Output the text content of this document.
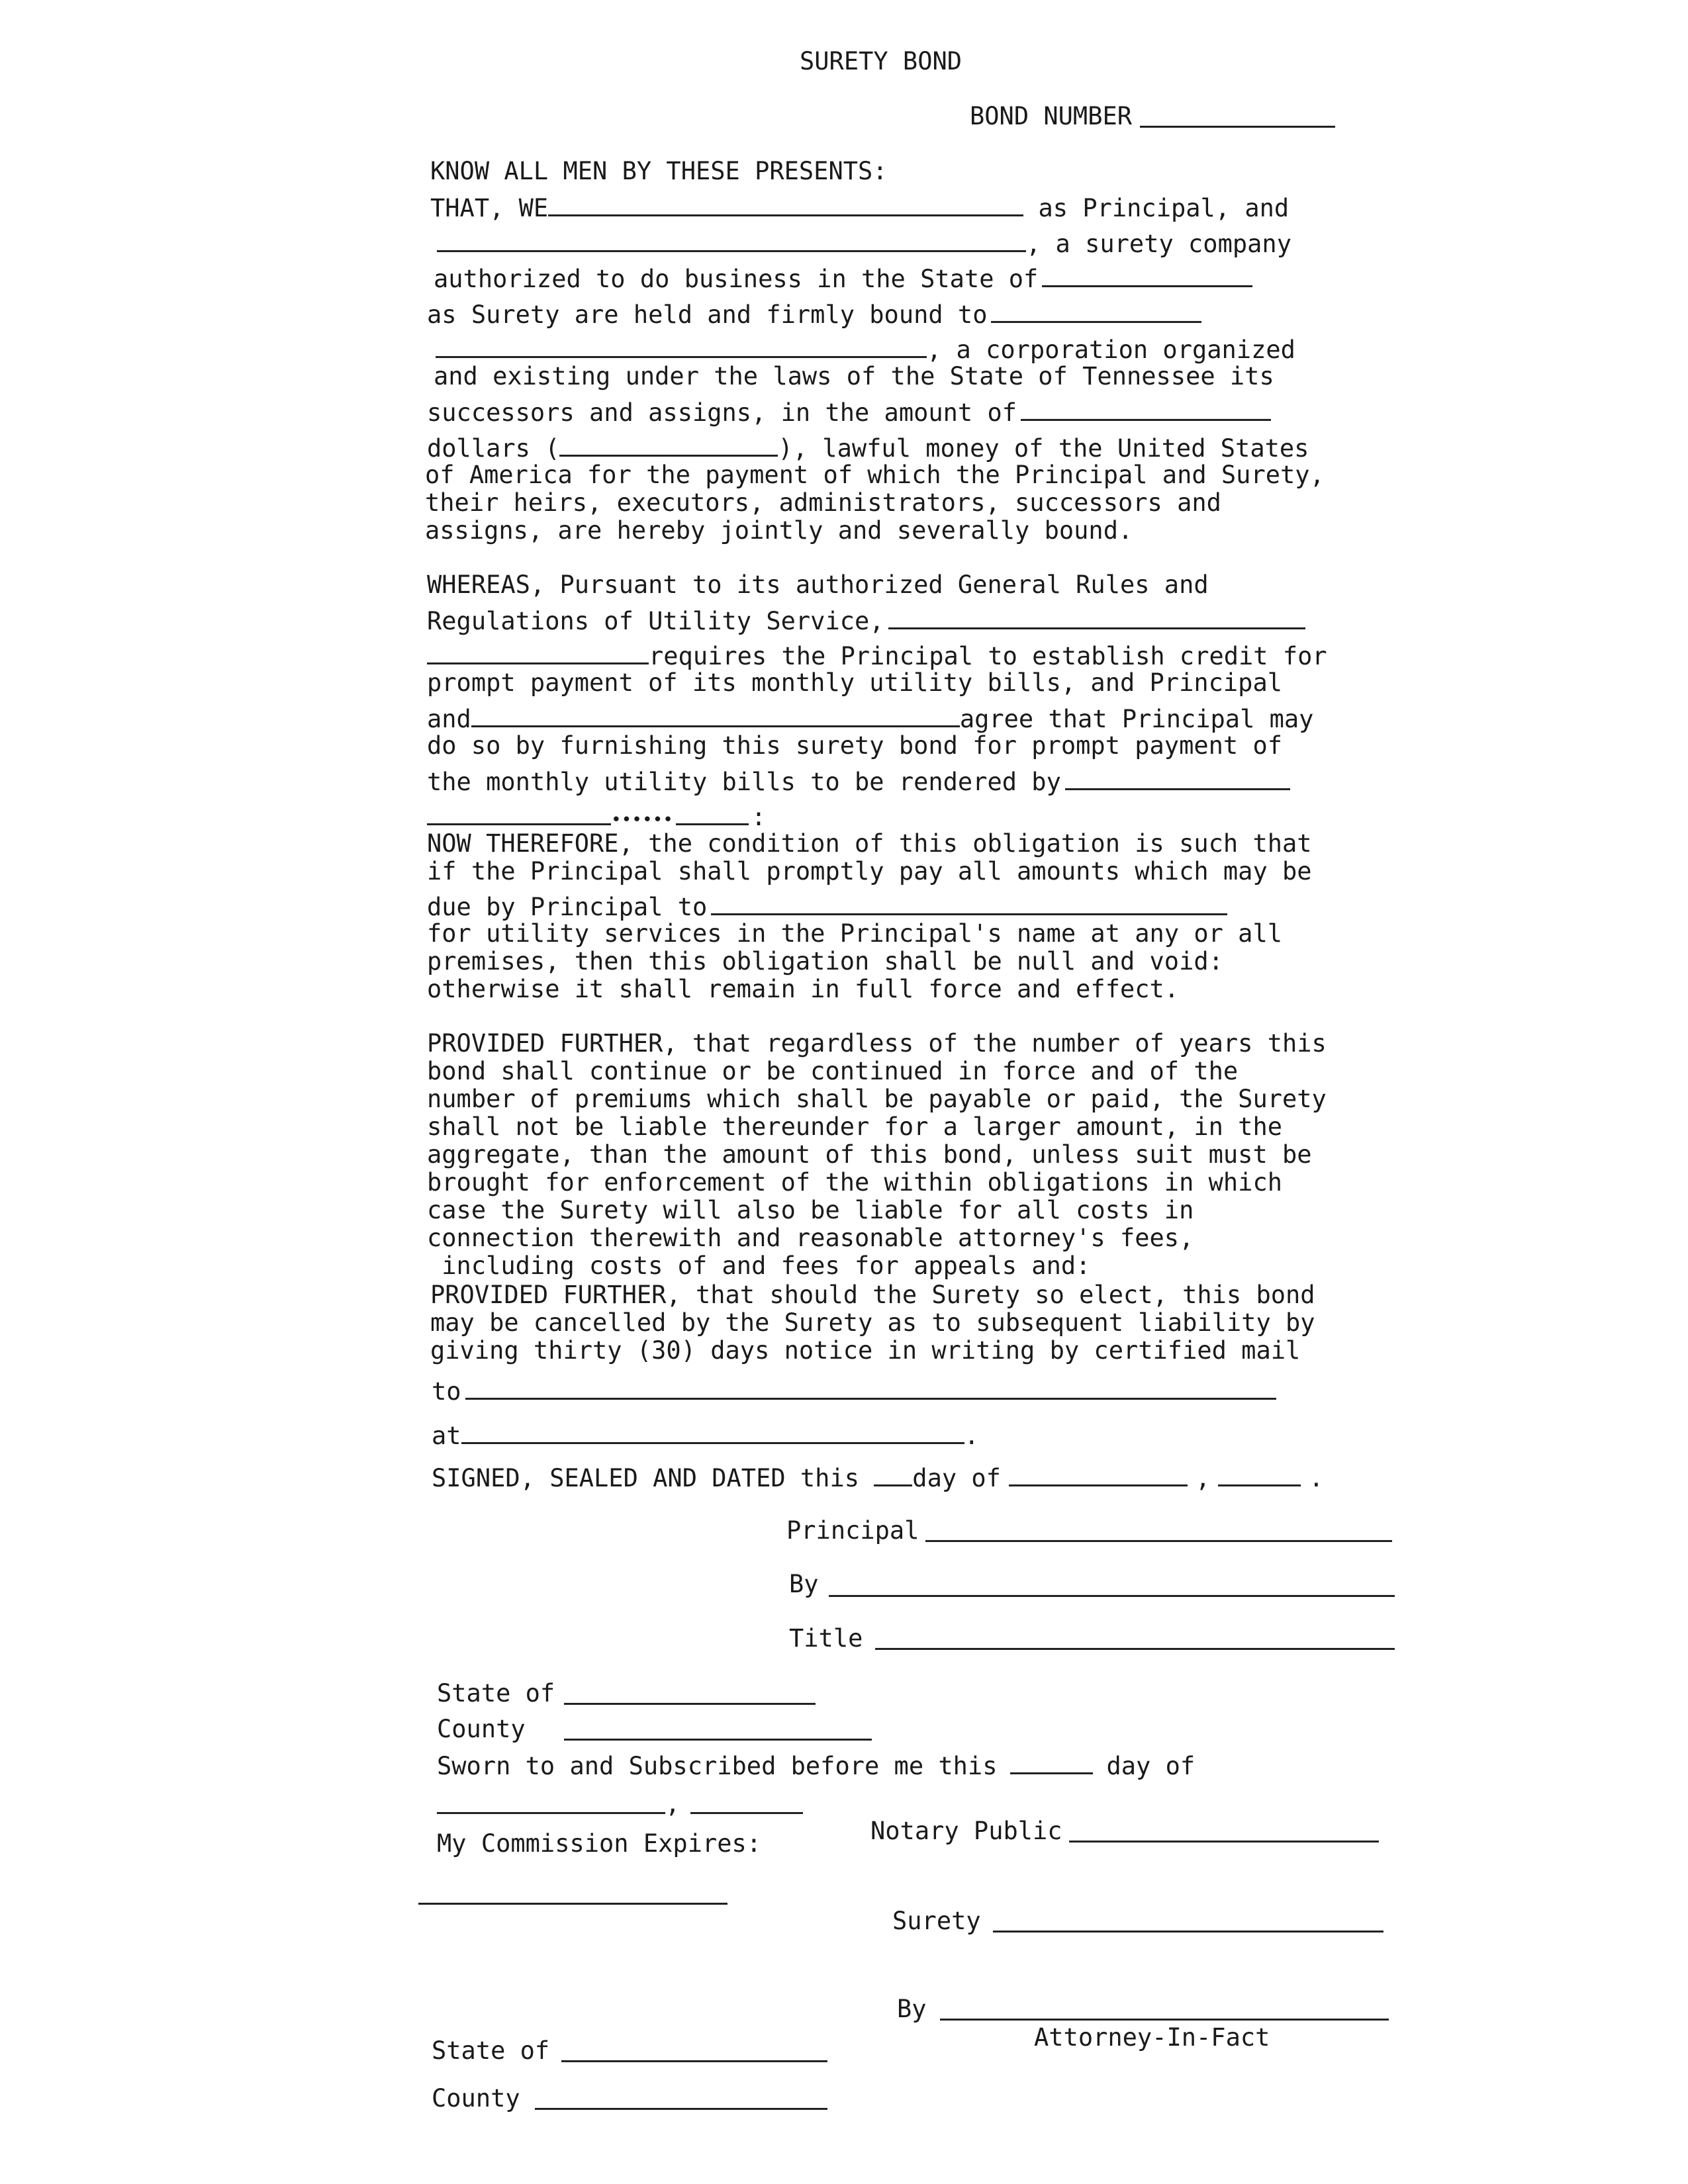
SURETY BOND
BOND NUMBER
KNOW ALL MEN BY THESE PRESENTS:
THAT, WE	as Principal, and
, a surety company
authorized to do business in the State of
as Surety are held and firmly bound to
, a corporation organized
and existing under the laws of the State of Tennessee its
successors and assigns, in the amount of
dollars (	), lawful money of the United States
of America for the payment of which the Principal and Surety,
their heirs, executors, administrators, successors and
assigns, are hereby jointly and severally bound.
WHEREAS, Pursuant to its authorized General Rules and
Regulations of Utility Service,
requires the Principal to establish credit for
prompt payment of its monthly utility bills, and Principal
and	agree that Principal may
do so by furnishing this surety bond for prompt payment of
the monthly utility bills to be rendered by
••••••	:
NOW THEREFORE, the condition of this obligation is such that
if the Principal shall promptly pay all amounts which may be
due by Principal to
for utility services in the Principal's name at any or all
premises, then this obligation shall be null and void:
otherwise it shall remain in full force and effect.
PROVIDED FURTHER, that regardless of the number of years this
bond shall continue or be continued in force and of the
number of premiums which shall be payable or paid, the Surety
shall not be liable thereunder for a larger amount, in the
aggregate, than the amount of this bond, unless suit must be
brought for enforcement of the within obligations in which
case the Surety will also be liable for all costs in
connection therewith and reasonable attorney's fees,
including costs of and fees for appeals and:
PROVIDED FURTHER, that should the Surety so elect, this bond
may be cancelled by the Surety as to subsequent liability by
giving thirty (30) days notice in writing by certified mail
to
at	.
SIGNED, SEALED AND DATED this day of	,	.
Principal
By
Title
State of
County
Sworn to and Subscribed before me this	day of
,
Notary Public
My Commission Expires:
Surety
By
Attorney-In-Fact
State of
County
